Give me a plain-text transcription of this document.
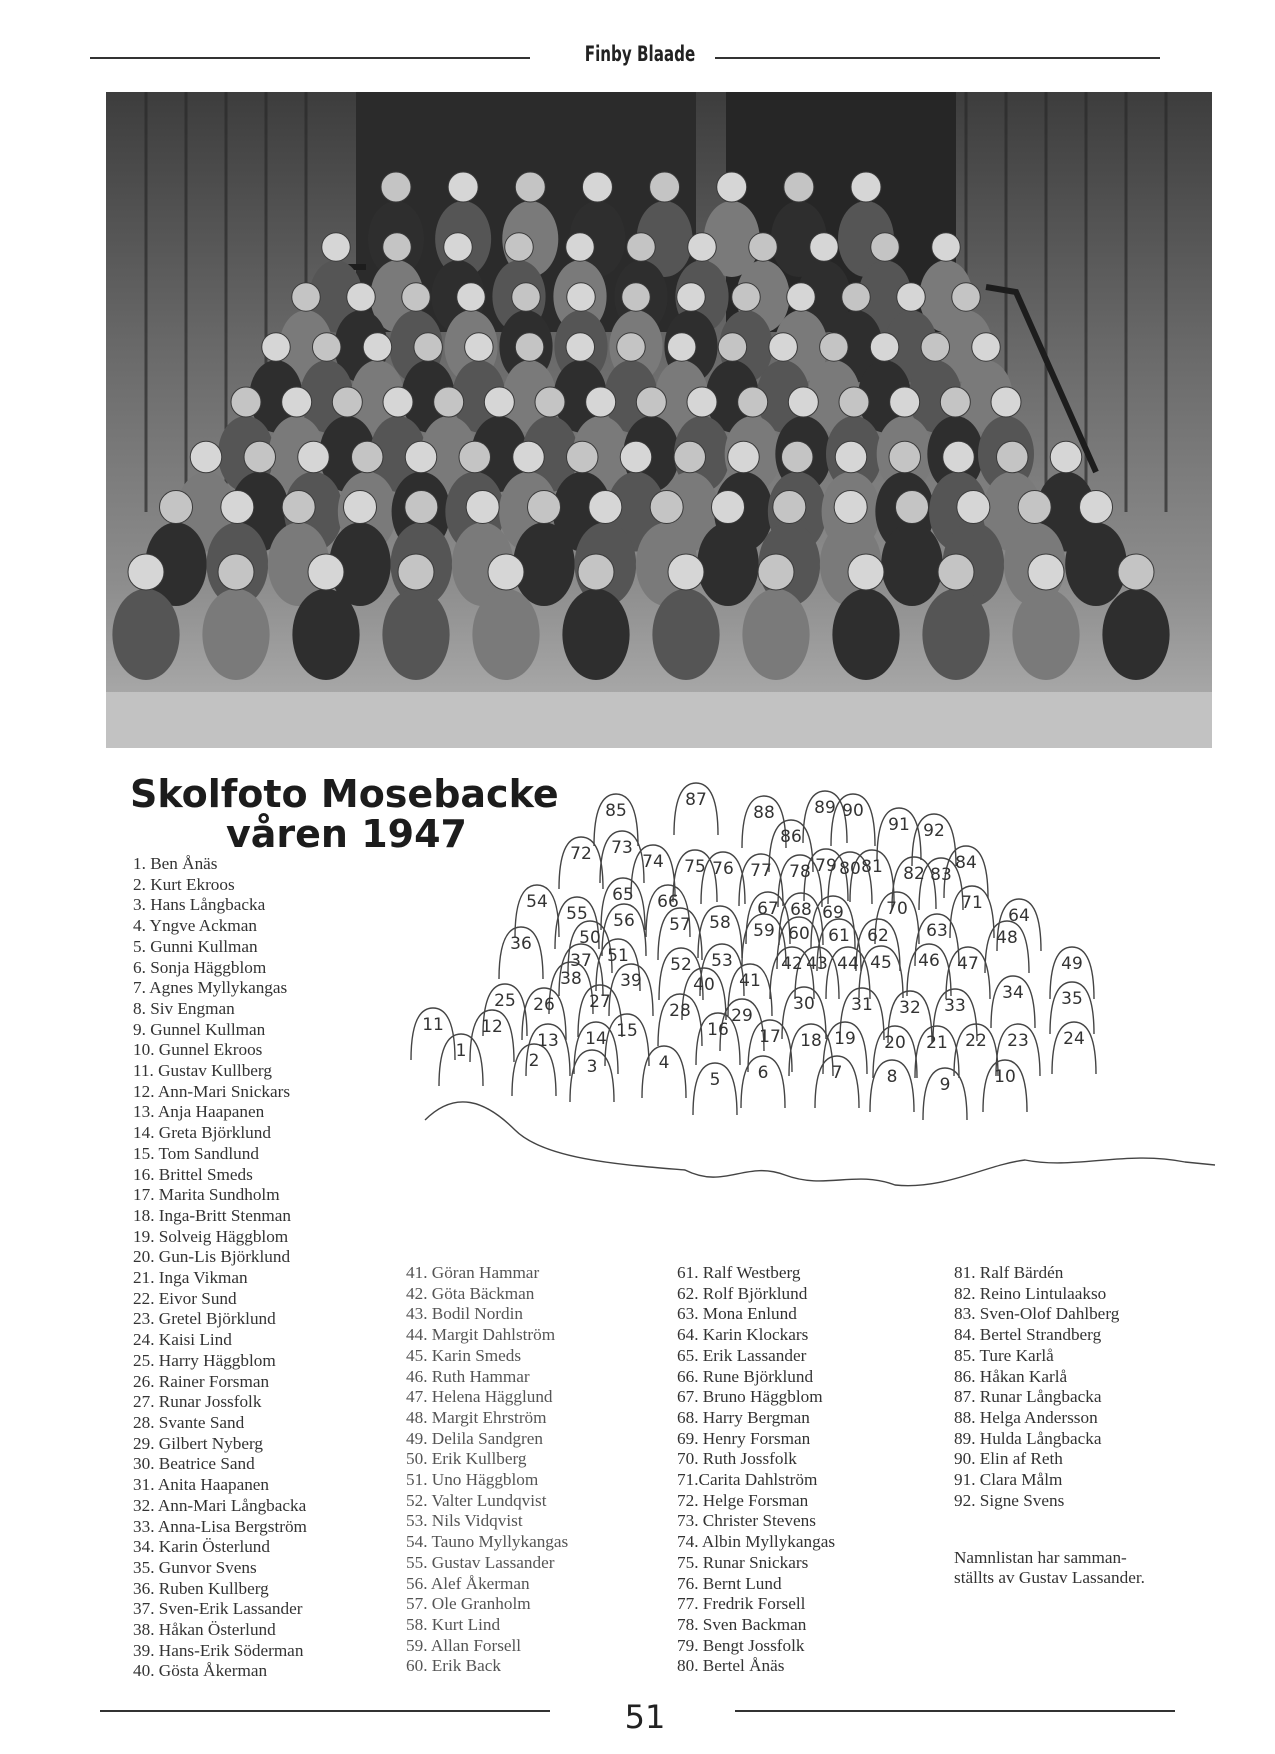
Finby Blaade
Skolfoto Mosebacke
våren 1947
1. Ben Ånäs
2. Kurt Ekroos
3. Hans Långbacka
4. Yngve Ackman
5. Gunni Kullman
6. Sonja Häggblom
7. Agnes Myllykangas
8. Siv Engman
9. Gunnel Kullman
10. Gunnel Ekroos
11. Gustav Kullberg
12. Ann-Mari Snickars
13. Anja Haapanen
14. Greta Björklund
15. Tom Sandlund
16. Brittel Smeds
17. Marita Sundholm
18. Inga-Britt Stenman
19. Solveig Häggblom
20. Gun-Lis Björklund
21. Inga Vikman
22. Eivor Sund
23. Gretel Björklund
24. Kaisi Lind
25. Harry Häggblom
26. Rainer Forsman
27. Runar Jossfolk
28. Svante Sand
29. Gilbert Nyberg
30. Beatrice Sand
31. Anita Haapanen
32. Ann-Mari Långbacka
33. Anna-Lisa Bergström
34. Karin Österlund
35. Gunvor Svens
36. Ruben Kullberg
37. Sven-Erik Lassander
38. Håkan Österlund
39. Hans-Erik Söderman
40. Gösta Åkerman
41. Göran Hammar
42. Göta Bäckman
43. Bodil Nordin
44. Margit Dahlström
45. Karin Smeds
46. Ruth Hammar
47. Helena Hägglund
48. Margit Ehrström
49. Delila Sandgren
50. Erik Kullberg
51. Uno Häggblom
52. Valter Lundqvist
53. Nils Vidqvist
54. Tauno Myllykangas
55. Gustav Lassander
56. Alef Åkerman
57. Ole Granholm
58. Kurt Lind
59. Allan Forsell
60. Erik Back
61. Ralf Westberg
62. Rolf Björklund
63. Mona Enlund
64. Karin Klockars
65. Erik Lassander
66. Rune Björklund
67. Bruno Häggblom
68. Harry Bergman
69. Henry Forsman
70. Ruth Jossfolk
71.Carita Dahlström
72. Helge Forsman
73. Christer Stevens
74. Albin Myllykangas
75. Runar Snickars
76. Bernt Lund
77. Fredrik Forsell
78. Sven Backman
79. Bengt Jossfolk
80. Bertel Ånäs
81. Ralf Bärdén
82. Reino Lintulaakso
83. Sven-Olof Dahlberg
84. Bertel Strandberg
85. Ture Karlå
86. Håkan Karlå
87. Runar Långbacka
88. Helga Andersson
89. Hulda Långbacka
90. Elin af Reth
91. Clara Målm
92. Signe Svens
Namnlistan har samman-
ställts av Gustav Lassander.
1	2	3	4
5 6	7	8 9	10
11 12
13 14 15	16 17 18 19 20 21 22 23 24
25 26 27	28 29
30 31 32 33
34 35
36
37
38 39	40 41
42 43 44 45 46 47
48
49
50
51 52 53
54
55 56 57 58 59 60 61 62 63
64
65 66	67 68 69 70	71
72 73
74 75 76 77 78 79 80 81 82 83
84
85
86
87
88 89 90
91 92
51
